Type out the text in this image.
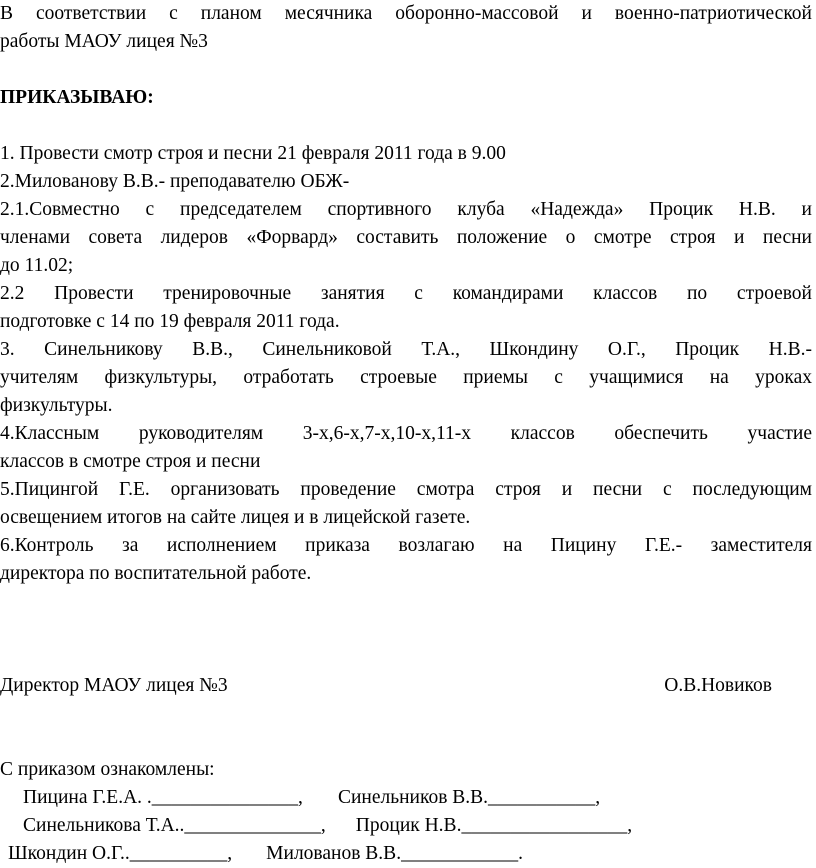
В соответствии с планом месячника оборонно-массовой и военно-патриотической
работы МАОУ лицея №3
ПРИКАЗЫВАЮ:
1. Провести смотр строя и песни 21 февраля 2011 года в 9.00
2.Милованову В.В.- преподавателю ОБЖ-
2.1.Совместно с председателем спортивного клуба «Надежда» Процик Н.В. и
членами совета лидеров «Форвард» составить положение о смотре строя и песни
до 11.02;
2.2 Провести тренировочные занятия с командирами классов по строевой
подготовке с 14 по 19 февраля 2011 года.
3. Синельникову В.В., Синельниковой Т.А., Шкондину О.Г., Процик Н.В.-
учителям физкультуры, отработать строевые приемы с учащимися на уроках
физкультуры.
4.Классным руководителям 3-х,6-х,7-х,10-х,11-х классов обеспечить участие
классов в смотре строя и песни
5.Пицингой Г.Е. организовать проведение смотра строя и песни с последующим
освещением итогов на сайте лицея и в лицейской газете.
6.Контроль за исполнением приказа возлагаю на Пицину Г.Е.- заместителя
директора по воспитательной работе.
Директор МАОУ лицея №3	О.В.Новиков
С приказом ознакомлены:
Пицина Г.Е.А. ._______________, Синельников В.В.___________,
Синельникова Т.А..______________, Процик Н.В._________________,
Шкондин О.Г..__________, Милованов В.В.____________.
